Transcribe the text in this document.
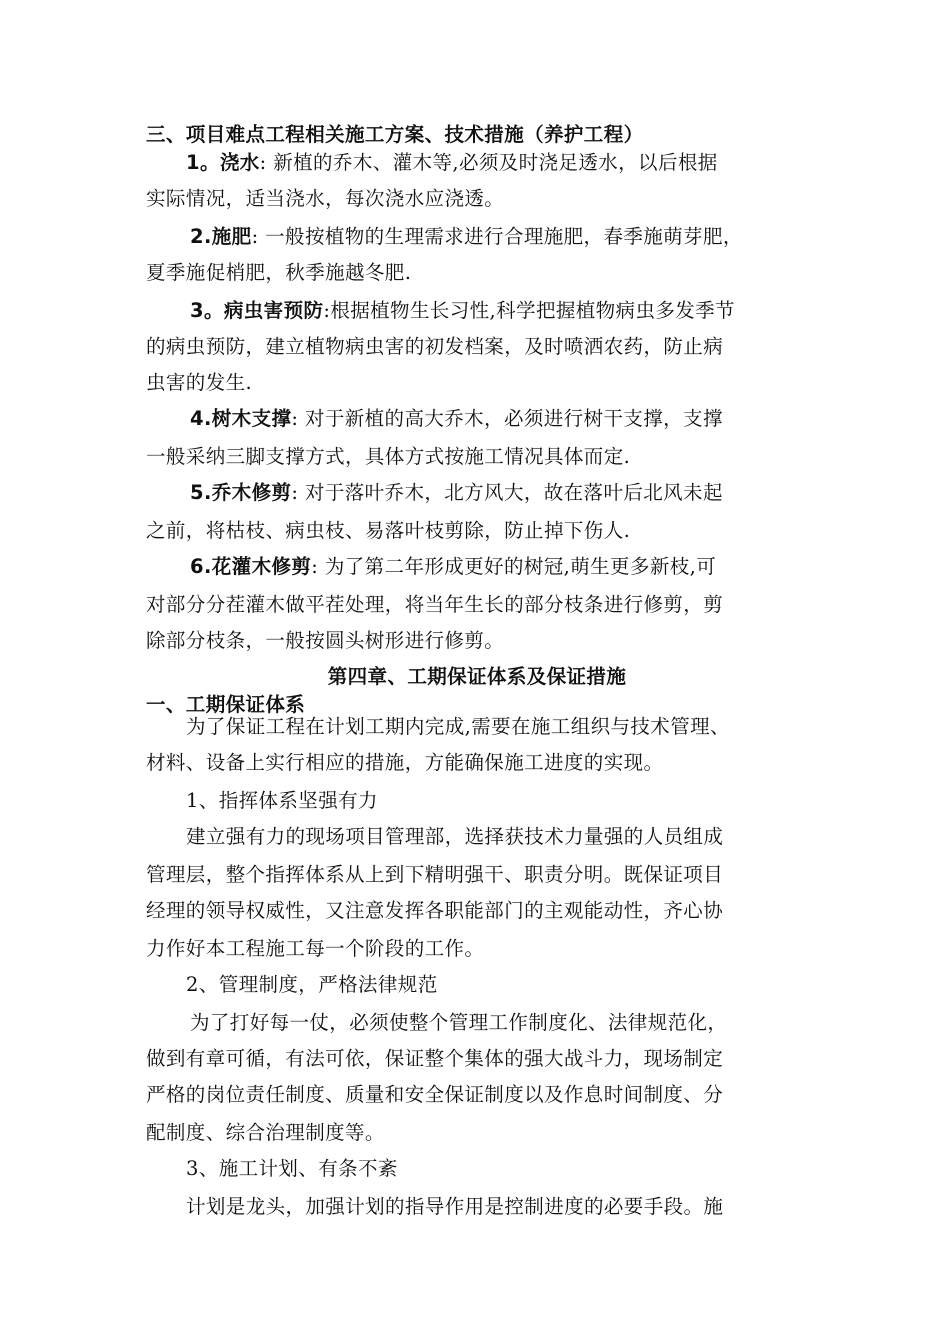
三、项目难点工程相关施工方案、技术措施（养护工程）
1。浇水: 新植的乔木、灌木等,必须及时浇足透水，以后根据
实际情况，适当浇水，每次浇水应浇透。
2.施肥: 一般按植物的生理需求进行合理施肥，春季施萌芽肥，
夏季施促梢肥，秋季施越冬肥.
3。病虫害预防:根据植物生长习性,科学把握植物病虫多发季节
的病虫预防，建立植物病虫害的初发档案，及时喷洒农药，防止病
虫害的发生.
4.树木支撑: 对于新植的高大乔木，必须进行树干支撑，支撑
一般采纳三脚支撑方式，具体方式按施工情况具体而定.
5.乔木修剪: 对于落叶乔木，北方风大，故在落叶后北风未起
之前，将枯枝、病虫枝、易落叶枝剪除，防止掉下伤人.
6.花灌木修剪: 为了第二年形成更好的树冠,萌生更多新枝,可
对部分分茬灌木做平茬处理，将当年生长的部分枝条进行修剪，剪
除部分枝条，一般按圆头树形进行修剪。
第四章、工期保证体系及保证措施
一、工期保证体系
为了保证工程在计划工期内完成,需要在施工组织与技术管理、
材料、设备上实行相应的措施，方能确保施工进度的实现。
1、指挥体系坚强有力
建立强有力的现场项目管理部，选择获技术力量强的人员组成
管理层，整个指挥体系从上到下精明强干、职责分明。既保证项目
经理的领导权威性，又注意发挥各职能部门的主观能动性，齐心协
力作好本工程施工每一个阶段的工作。
2、管理制度，严格法律规范
为了打好每一仗，必须使整个管理工作制度化、法律规范化，
做到有章可循，有法可依，保证整个集体的强大战斗力，现场制定
严格的岗位责任制度、质量和安全保证制度以及作息时间制度、分
配制度、综合治理制度等。
3、施工计划、有条不紊
计划是龙头，加强计划的指导作用是控制进度的必要手段。施
